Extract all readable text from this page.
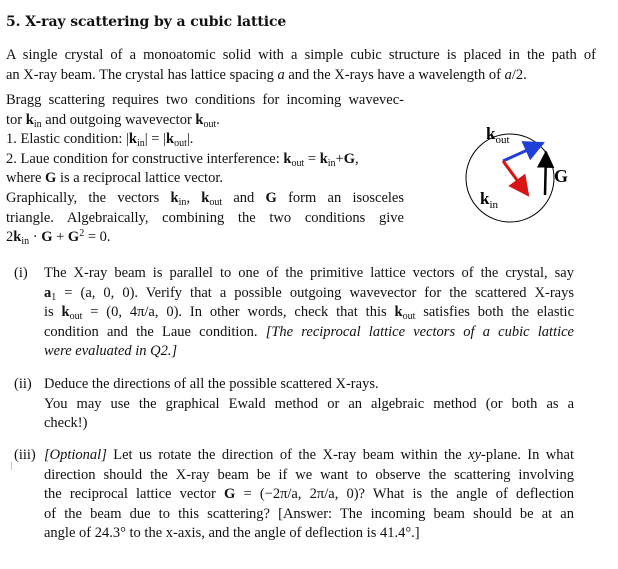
5. X-ray scattering by a cubic lattice
A single crystal of a monoatomic solid with a simple cubic structure is placed in the path of
an X-ray beam. The crystal has lattice spacing a and the X-rays have a wavelength of a/2.
Bragg scattering requires two conditions for incoming wavevec-
tor $k_{in}$ and outgoing wavevector $k_{out}$.
1. Elastic condition: $|k_{in}| = |k_{out}|$.
2. Laue condition for constructive interference: $k_{out} = k_{in}+G$,
where G is a reciprocal lattice vector.
Graphically, the vectors $k_{in}$, $k_{out}$ and G form an isosceles
triangle. Algebraically, combining the two conditions give
$2k_{in} \cdot G + G^2 = 0$.
$k_{out}$
$k_{in}$
G
(i) The X-ray beam is parallel to one of the primitive lattice vectors of the crystal, say
$a_1 = (a$, 0, 0). Verify that a possible outgoing wavevector for the scattered X-rays
is $k_{out} = (0$, 4π/a, 0). In other words, check that this $k_{out}$ satisfies both the elastic
condition and the Laue condition. [The reciprocal lattice vectors of a cubic lattice
were evaluated in Q2.]
(ii) Deduce the directions of all the possible scattered X-rays.
You may use the graphical Ewald method or an algebraic method (or both as a
check!)
(iii) [Optional] Let us rotate the direction of the X-ray beam within the xy-plane. In what
direction should the X-ray beam be if we want to observe the scattering involving
the reciprocal lattice vector G = (−2π/a, 2π/a, 0)? What is the angle of deflection
of the beam due to this scattering? [Answer: The incoming beam should be at an
angle of 24.3° to the x-axis, and the angle of deflection is 41.4°.]
